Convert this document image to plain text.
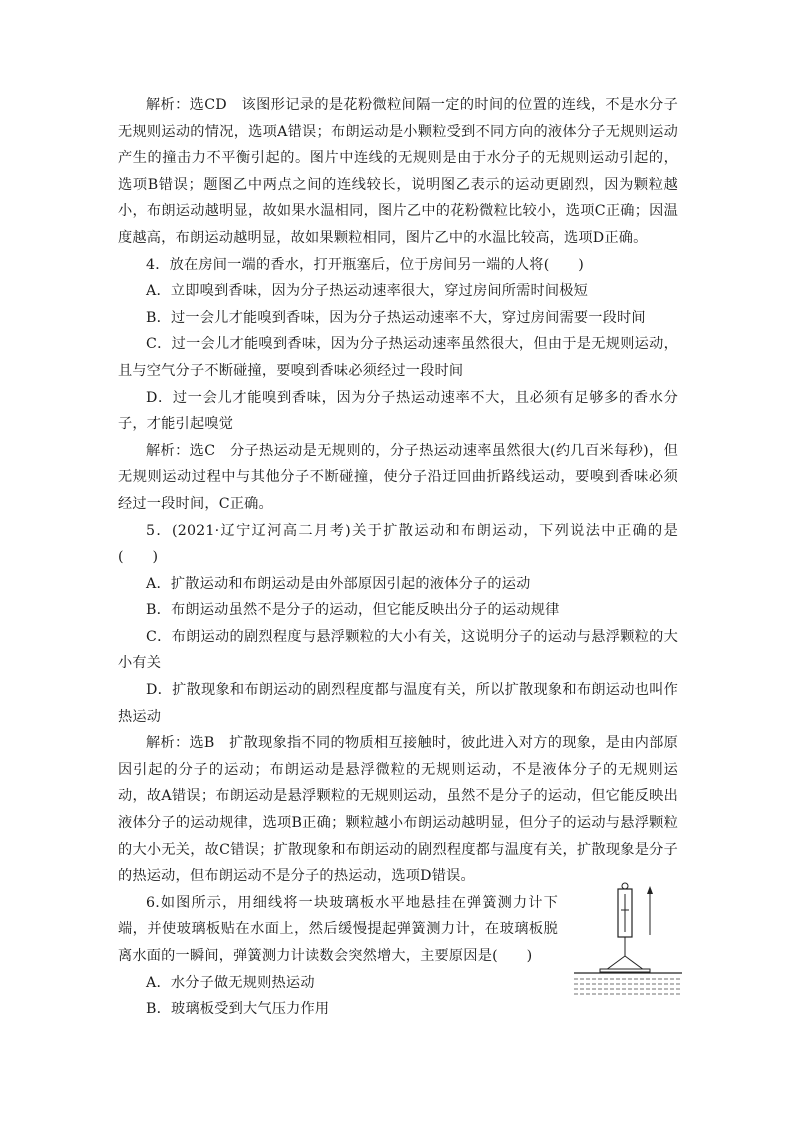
解析：选CD　该图形记录的是花粉微粒间隔一定的时间的位置的连线，不是水分子无规则运动的情况，选项A错误；布朗运动是小颗粒受到不同方向的液体分子无规则运动产生的撞击力不平衡引起的。图片中连线的无规则是由于水分子的无规则运动引起的，选项B错误；题图乙中两点之间的连线较长，说明图乙表示的运动更剧烈，因为颗粒越小，布朗运动越明显，故如果水温相同，图片乙中的花粉微粒比较小，选项C正确；因温度越高，布朗运动越明显，故如果颗粒相同，图片乙中的水温比较高，选项D正确。

4．放在房间一端的香水，打开瓶塞后，位于房间另一端的人将(　　)

A．立即嗅到香味，因为分子热运动速率很大，穿过房间所需时间极短

B．过一会儿才能嗅到香味，因为分子热运动速率不大，穿过房间需要一段时间

C．过一会儿才能嗅到香味，因为分子热运动速率虽然很大，但由于是无规则运动，且与空气分子不断碰撞，要嗅到香味必须经过一段时间

D．过一会儿才能嗅到香味，因为分子热运动速率不大，且必须有足够多的香水分子，才能引起嗅觉

解析：选C　分子热运动是无规则的，分子热运动速率虽然很大(约几百米每秒)，但无规则运动过程中与其他分子不断碰撞，使分子沿迂回曲折路线运动，要嗅到香味必须经过一段时间，C正确。

5．(2021·辽宁辽河高二月考)关于扩散运动和布朗运动，下列说法中正确的是(　　)

A．扩散运动和布朗运动是由外部原因引起的液体分子的运动

B．布朗运动虽然不是分子的运动，但它能反映出分子的运动规律

C．布朗运动的剧烈程度与悬浮颗粒的大小有关，这说明分子的运动与悬浮颗粒的大小有关

D．扩散现象和布朗运动的剧烈程度都与温度有关，所以扩散现象和布朗运动也叫作热运动

解析：选B　扩散现象指不同的物质相互接触时，彼此进入对方的现象，是由内部原因引起的分子的运动；布朗运动是悬浮微粒的无规则运动，不是液体分子的无规则运动，故A错误；布朗运动是悬浮颗粒的无规则运动，虽然不是分子的运动，但它能反映出液体分子的运动规律，选项B正确；颗粒越小布朗运动越明显，但分子的运动与悬浮颗粒的大小无关，故C错误；扩散现象和布朗运动的剧烈程度都与温度有关，扩散现象是分子的热运动，但布朗运动不是分子的热运动，选项D错误。

6.如图所示，用细线将一块玻璃板水平地悬挂在弹簧测力计下端，并使玻璃板贴在水面上，然后缓慢提起弹簧测力计，在玻璃板脱离水面的一瞬间，弹簧测力计读数会突然增大，主要原因是(　　)

A．水分子做无规则热运动

B．玻璃板受到大气压力作用
